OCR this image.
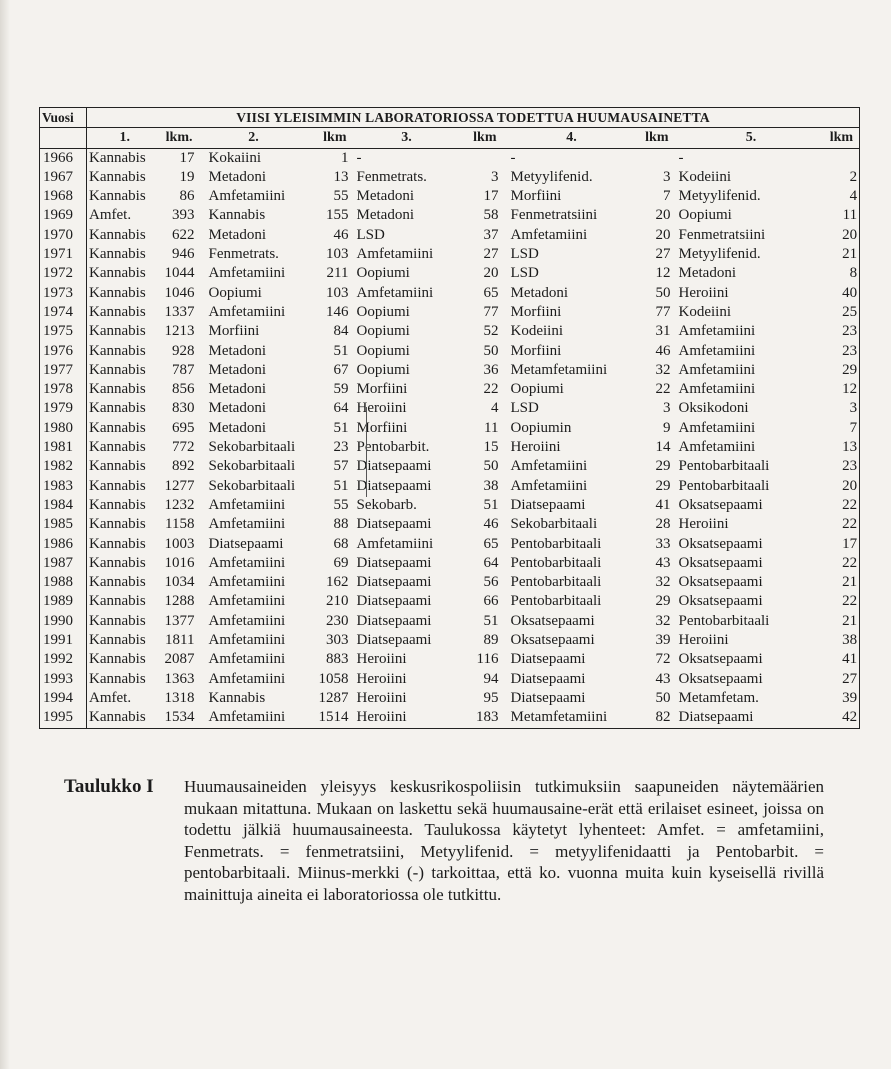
Vuosi	VIISI YLEISIMMIN LABORATORIOSSA TODETTUA HUUMAUSAINETTA									
	1.	lkm.	2.	lkm	3.	lkm	4.	lkm	5.	lkm
1966	Kannabis	17	Kokaiini	1	-		-		-	
1967	Kannabis	19	Metadoni	13	Fenmetrats.	3	Metyylifenid.	3	Kodeiini	2
1968	Kannabis	86	Amfetamiini	55	Metadoni	17	Morfiini	7	Metyylifenid.	4
1969	Amfet.	393	Kannabis	155	Metadoni	58	Fenmetratsiini	20	Oopiumi	11
1970	Kannabis	622	Metadoni	46	LSD	37	Amfetamiini	20	Fenmetratsiini	20
1971	Kannabis	946	Fenmetrats.	103	Amfetamiini	27	LSD	27	Metyylifenid.	21
1972	Kannabis	1044	Amfetamiini	211	Oopiumi	20	LSD	12	Metadoni	8
1973	Kannabis	1046	Oopiumi	103	Amfetamiini	65	Metadoni	50	Heroiini	40
1974	Kannabis	1337	Amfetamiini	146	Oopiumi	77	Morfiini	77	Kodeiini	25
1975	Kannabis	1213	Morfiini	84	Oopiumi	52	Kodeiini	31	Amfetamiini	23
1976	Kannabis	928	Metadoni	51	Oopiumi	50	Morfiini	46	Amfetamiini	23
1977	Kannabis	787	Metadoni	67	Oopiumi	36	Metamfetamiini	32	Amfetamiini	29
1978	Kannabis	856	Metadoni	59	Morfiini	22	Oopiumi	22	Amfetamiini	12
1979	Kannabis	830	Metadoni	64	Heroiini	4	LSD	3	Oksikodoni	3
1980	Kannabis	695	Metadoni	51	Morfiini	11	Oopiumin	9	Amfetamiini	7
1981	Kannabis	772	Sekobarbitaali	23	Pentobarbit.	15	Heroiini	14	Amfetamiini	13
1982	Kannabis	892	Sekobarbitaali	57	Diatsepaami	50	Amfetamiini	29	Pentobarbitaali	23
1983	Kannabis	1277	Sekobarbitaali	51	Diatsepaami	38	Amfetamiini	29	Pentobarbitaali	20
1984	Kannabis	1232	Amfetamiini	55	Sekobarb.	51	Diatsepaami	41	Oksatsepaami	22
1985	Kannabis	1158	Amfetamiini	88	Diatsepaami	46	Sekobarbitaali	28	Heroiini	22
1986	Kannabis	1003	Diatsepaami	68	Amfetamiini	65	Pentobarbitaali	33	Oksatsepaami	17
1987	Kannabis	1016	Amfetamiini	69	Diatsepaami	64	Pentobarbitaali	43	Oksatsepaami	22
1988	Kannabis	1034	Amfetamiini	162	Diatsepaami	56	Pentobarbitaali	32	Oksatsepaami	21
1989	Kannabis	1288	Amfetamiini	210	Diatsepaami	66	Pentobarbitaali	29	Oksatsepaami	22
1990	Kannabis	1377	Amfetamiini	230	Diatsepaami	51	Oksatsepaami	32	Pentobarbitaali	21
1991	Kannabis	1811	Amfetamiini	303	Diatsepaami	89	Oksatsepaami	39	Heroiini	38
1992	Kannabis	2087	Amfetamiini	883	Heroiini	116	Diatsepaami	72	Oksatsepaami	41
1993	Kannabis	1363	Amfetamiini	1058	Heroiini	94	Diatsepaami	43	Oksatsepaami	27
1994	Amfet.	1318	Kannabis	1287	Heroiini	95	Diatsepaami	50	Metamfetam.	39
1995	Kannabis	1534	Amfetamiini	1514	Heroiini	183	Metamfetamiini	82	Diatsepaami	42
Taulukko I	Huumausaineiden yleisyys keskusrikospoliisin tutkimuksiin saapuneiden näytemäärien mukaan mitattuna. Mukaan on laskettu sekä huumausaine-erät että erilaiset esineet, joissa on todettu jälkiä huumausaineesta. Taulukossa käytetyt lyhenteet: Amfet. = amfetamiini, Fenmetrats. = fenmetratsiini, Metyylifenid. = metyylifenidaatti ja Pentobarbit. = pentobarbitaali. Miinus-merkki (-) tarkoittaa, että ko. vuonna muita kuin kyseisellä rivillä mainittuja aineita ei laboratoriossa ole tutkittu.
